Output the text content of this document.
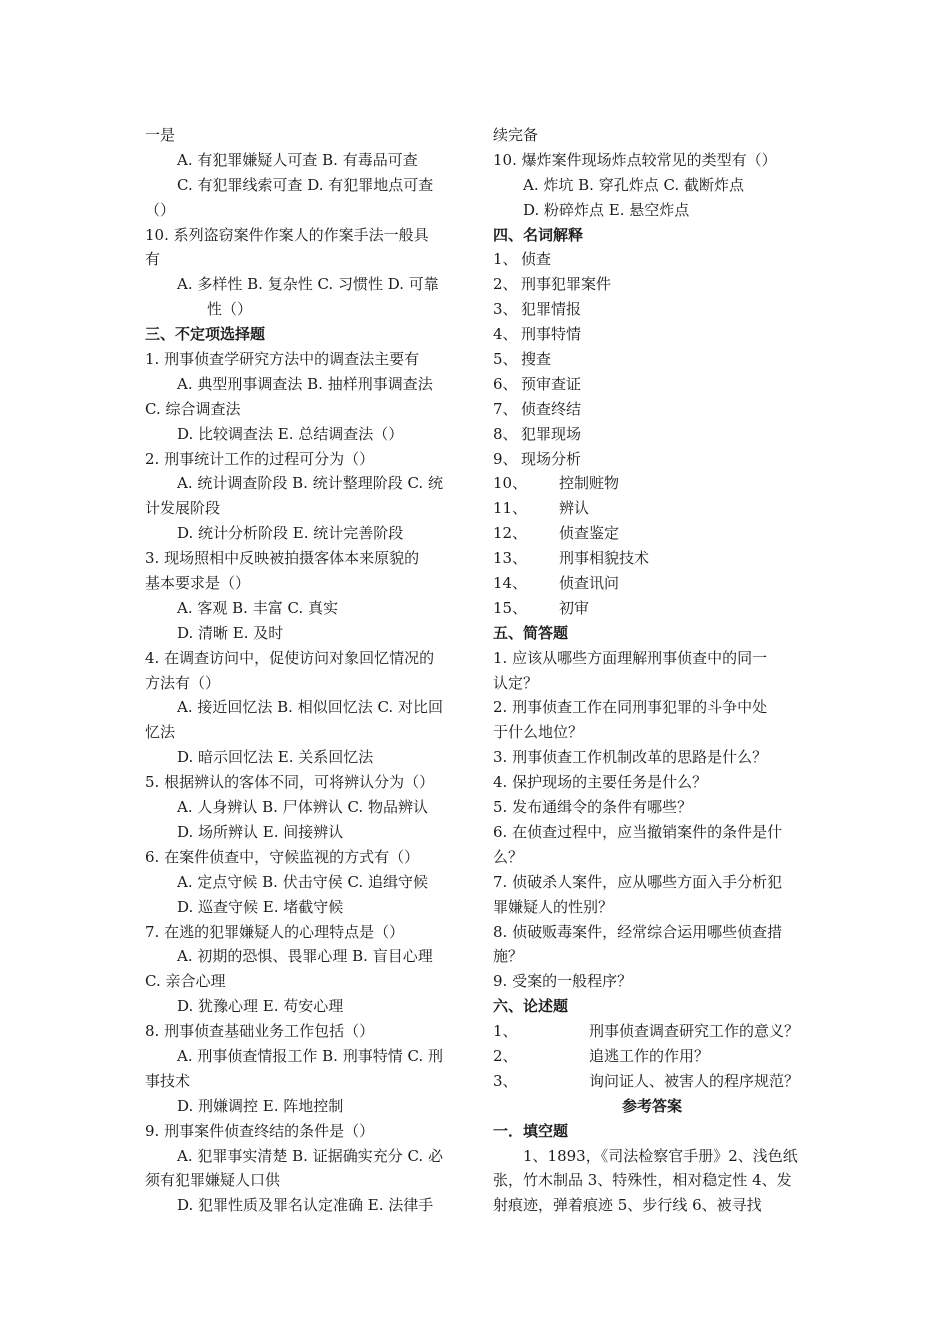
一是
A. 有犯罪嫌疑人可查 B. 有毒品可查
C. 有犯罪线索可查 D. 有犯罪地点可查
（）
10. 系列盗窃案件作案人的作案手法一般具
有
A. 多样性 B. 复杂性 C. 习惯性 D. 可靠
性（）
三、不定项选择题
1. 刑事侦查学研究方法中的调查法主要有
A. 典型刑事调查法 B. 抽样刑事调查法
C. 综合调查法
D. 比较调查法 E. 总结调查法（）
2. 刑事统计工作的过程可分为（）
A. 统计调查阶段 B. 统计整理阶段 C. 统
计发展阶段
D. 统计分析阶段 E. 统计完善阶段
3. 现场照相中反映被拍摄客体本来原貌的
基本要求是（）
A. 客观 B. 丰富 C. 真实
D. 清晰 E. 及时
4. 在调查访问中，促使访问对象回忆情况的
方法有（）
A. 接近回忆法 B. 相似回忆法 C. 对比回
忆法
D. 暗示回忆法 E. 关系回忆法
5. 根据辨认的客体不同，可将辨认分为（）
A. 人身辨认 B. 尸体辨认 C. 物品辨认
D. 场所辨认 E. 间接辨认
6. 在案件侦查中，守候监视的方式有（）
A. 定点守候 B. 伏击守侯 C. 追缉守候
D. 巡查守候 E. 堵截守候
7. 在逃的犯罪嫌疑人的心理特点是（）
A. 初期的恐惧、畏罪心理 B. 盲目心理
C. 亲合心理
D. 犹豫心理 E. 苟安心理
8. 刑事侦查基础业务工作包括（）
A. 刑事侦查情报工作 B. 刑事特情 C. 刑
事技术
D. 刑嫌调控 E. 阵地控制
9. 刑事案件侦查终结的条件是（）
A. 犯罪事实清楚 B. 证据确实充分 C. 必
须有犯罪嫌疑人口供
D. 犯罪性质及罪名认定准确 E. 法律手
续完备
10. 爆炸案件现场炸点较常见的类型有（）
A. 炸坑 B. 穿孔炸点 C. 截断炸点
D. 粉碎炸点 E. 悬空炸点
四、名词解释
1、 侦查
2、 刑事犯罪案件
3、 犯罪情报
4、 刑事特情
5、 搜查
6、 预审查证
7、 侦查终结
8、 犯罪现场
9、 现场分析
10、 控制赃物
11、 辨认
12、 侦查鉴定
13、 刑事相貌技术
14、 侦查讯问
15、 初审
五、简答题
1. 应该从哪些方面理解刑事侦查中的同一
认定？
2. 刑事侦查工作在同刑事犯罪的斗争中处
于什么地位？
3. 刑事侦查工作机制改革的思路是什么？
4. 保护现场的主要任务是什么？
5. 发布通缉令的条件有哪些？
6. 在侦查过程中，应当撤销案件的条件是什
么？
7. 侦破杀人案件，应从哪些方面入手分析犯
罪嫌疑人的性别？
8. 侦破贩毒案件，经常综合运用哪些侦查措
施？
9. 受案的一般程序？
六、论述题
1、	刑事侦查调查研究工作的意义？
2、	追逃工作的作用？
3、	询问证人、被害人的程序规范？
参考答案
一．填空题
1、1893，《司法检察官手册》2、浅色纸
张，竹木制品 3、特殊性，相对稳定性 4、发
射痕迹，弹着痕迹 5、步行线 6、被寻找
